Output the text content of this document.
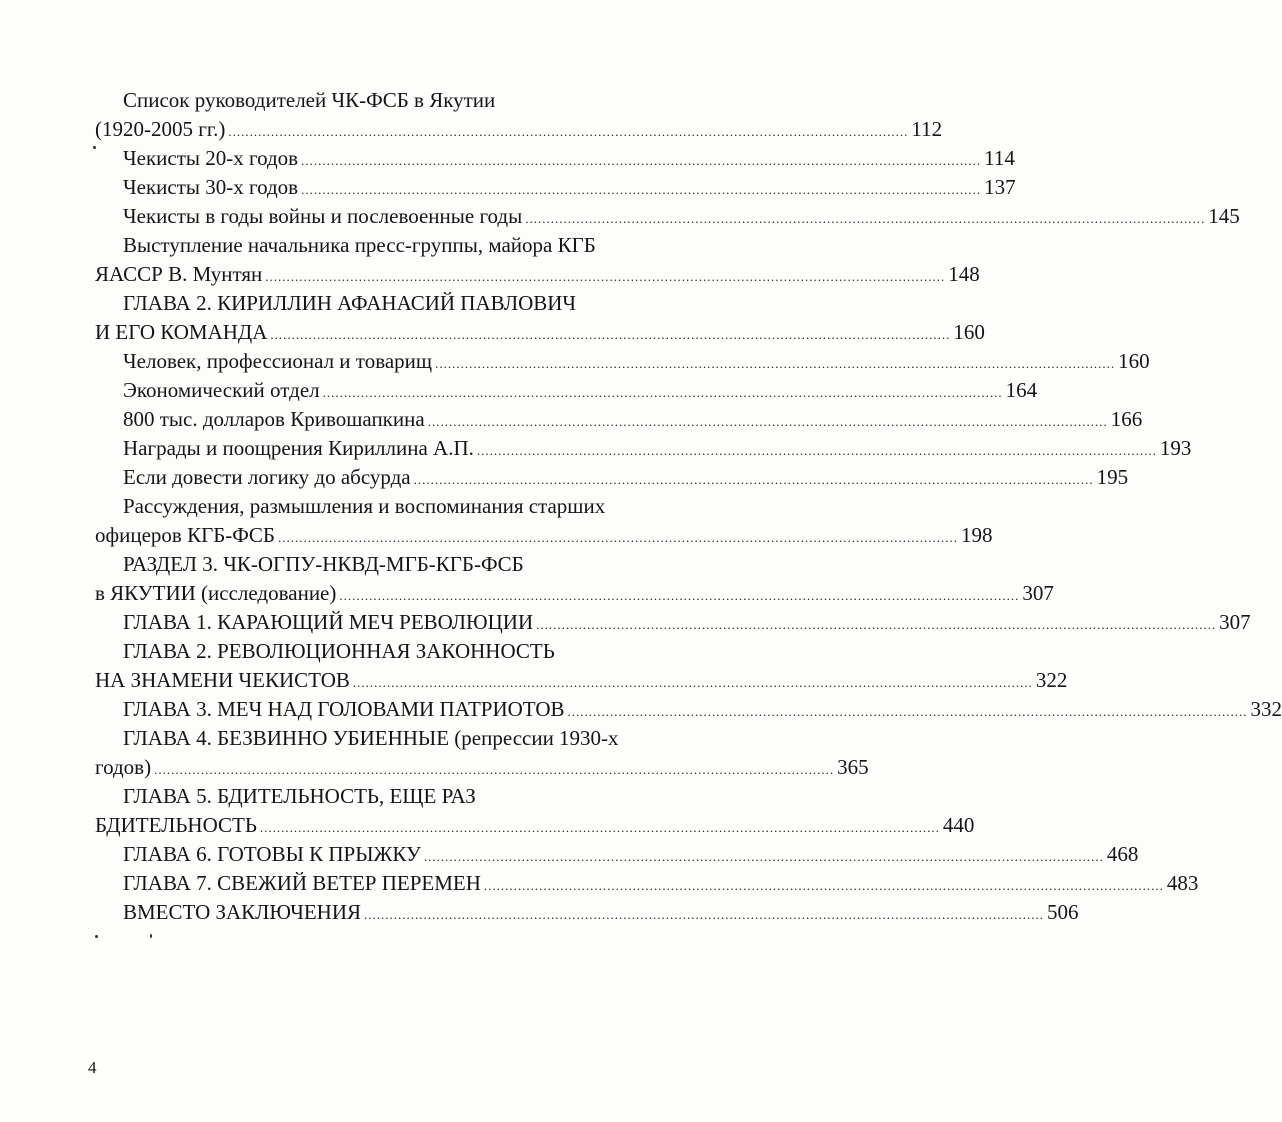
Список руководителей ЧК-ФСБ в Якутии
(1920-2005 гг.) .....	112
Чекисты 20-х годов .....	114
Чекисты 30-х годов .....	137
Чекисты в годы войны и послевоенные годы .....	145
Выступление начальника пресс-группы, майора КГБ
ЯАССР В. Мунтян .....	148
ГЛАВА 2. КИРИЛЛИН АФАНАСИЙ ПАВЛОВИЧ
И ЕГО КОМАНДА .....	160
Человек, профессионал и товарищ .....	160
Экономический отдел .....	164
800 тыс. долларов Кривошапкина .....	166
Награды и поощрения Кириллина А.П. .....	193
Если довести логику до абсурда .....	195
Рассуждения, размышления и воспоминания старших
офицеров КГБ-ФСБ .....	198
РАЗДЕЛ 3. ЧК-ОГПУ-НКВД-МГБ-КГБ-ФСБ
в ЯКУТИИ (исследование) .....	307
ГЛАВА 1. КАРАЮЩИЙ МЕЧ РЕВОЛЮЦИИ .....	307
ГЛАВА 2. РЕВОЛЮЦИОННАЯ ЗАКОННОСТЬ
НА ЗНАМЕНИ ЧЕКИСТОВ .....	322
ГЛАВА 3. МЕЧ НАД ГОЛОВАМИ ПАТРИОТОВ .....	332
ГЛАВА 4. БЕЗВИННО УБИЕННЫЕ (репрессии 1930-х
годов) .....	365
ГЛАВА 5. БДИТЕЛЬНОСТЬ, ЕЩЕ РАЗ
БДИТЕЛЬНОСТЬ .....	440
ГЛАВА 6. ГОТОВЫ К ПРЫЖКУ .....	468
ГЛАВА 7. СВЕЖИЙ ВЕТЕР ПЕРЕМЕН .....	483
ВМЕСТО ЗАКЛЮЧЕНИЯ .....	506
4
